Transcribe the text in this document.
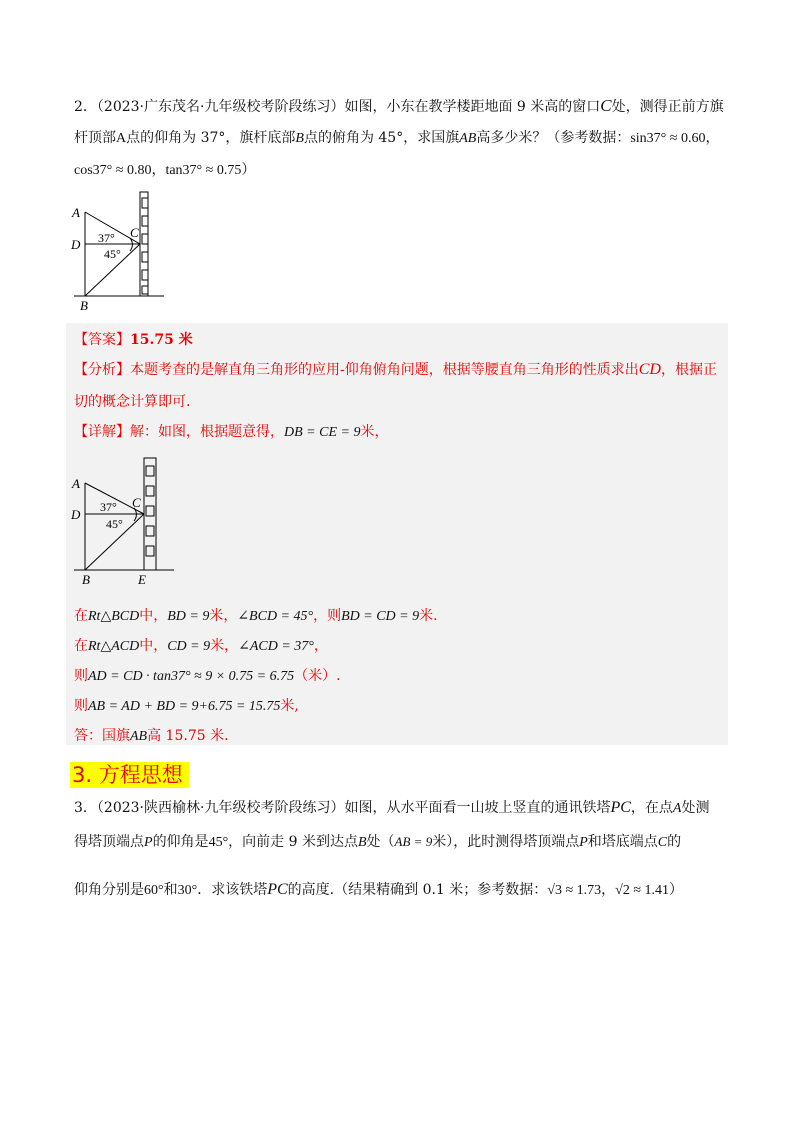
2．（2023·广东茂名·九年级校考阶段练习）如图，小东在教学楼距地面 9 米高的窗口C处，测得正前方旗
杆顶部A点的仰角为 37°，旗杆底部B点的俯角为 45°，求国旗AB高多少米？（参考数据：sin37° ≈ 0.60，
cos37° ≈ 0.80，tan37° ≈ 0.75）
A
D
C
B
37°
45°
【答案】15.75 米
【分析】本题考查的是解直角三角形的应用-仰角俯角问题，根据等腰直角三角形的性质求出CD，根据正
切的概念计算即可.
【详解】解：如图，根据题意得，DB = CE = 9米，
A
D
C
B	E
37°
45°
在Rt△BCD中，BD = 9米，∠BCD = 45°，则BD = CD = 9米.
在Rt△ACD中，CD = 9米，∠ACD = 37°，
则AD = CD · tan37° ≈ 9 × 0.75 = 6.75（米）.
则AB = AD + BD = 9+6.75 = 15.75米,
答：国旗AB高 15.75 米.
3. 方程思想
3．（2023·陕西榆林·九年级校考阶段练习）如图，从水平面看一山坡上竖直的通讯铁塔PC，在点A处测
得塔顶端点P的仰角是45°，向前走 9 米到达点B处（AB = 9米），此时测得塔顶端点P和塔底端点C的
仰角分别是60°和30°．求该铁塔PC的高度.（结果精确到 0.1 米；参考数据：√3 ≈ 1.73，√2 ≈ 1.41）
